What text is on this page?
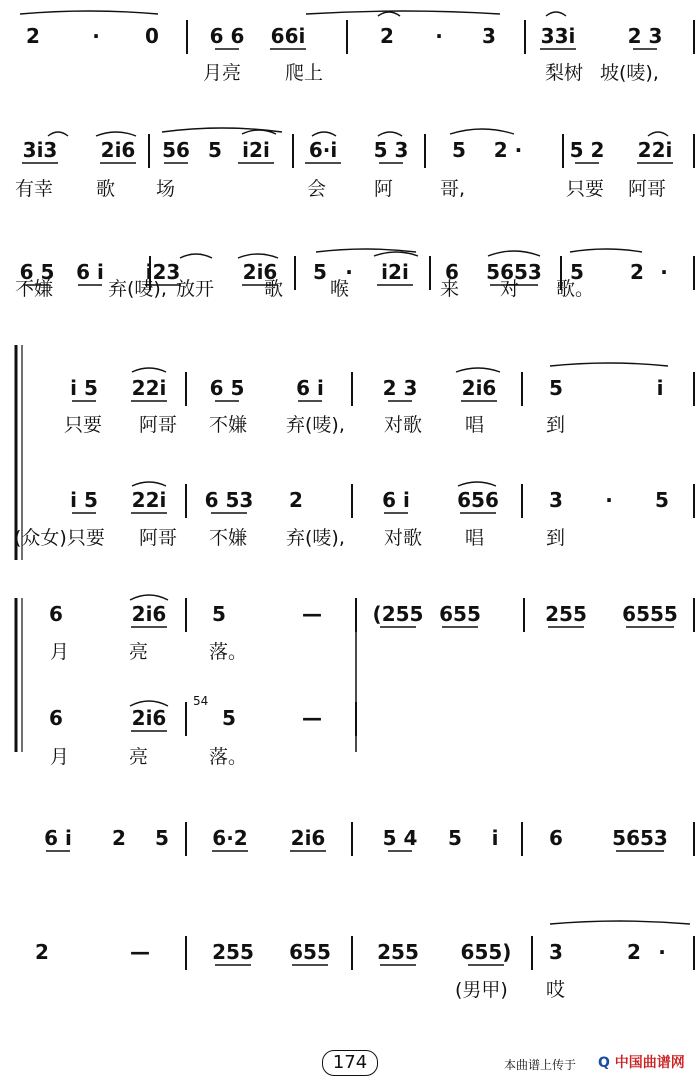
2	· 0	6 6 66i	2 · 3 33i	2 3
月亮 爬上	梨树 坡(唛),
3i3 2i6 56 5 i2i 6·i 5 3 5 2 · 5 2 22i
有幸 歌 场	会	阿 哥,	只要 阿哥
6 5 6 i i23	2i6 5 · i2i 6 5653 5 2 ·
不嫌	弃(唛), 放开	歌 喉	来 对 歌。
i 5 22i 6 5	6 i	2 3 2i6	5	i
只要 阿哥 不嫌 弃(唛), 对歌 唱	到
i 5 22i 6 53 2	6 i 656	3 · 5
(众女)只要 阿哥 不嫌 弃(唛), 对歌 唱	到
6	2i6 5	—	(255 655	255 6555
月	亮	落。
6	2i6	5	—
月	亮	落。
54
6 i 2 5 6·2 2i6	5 4 5 i	6 5653
2	—	255 655 255 655) 3	2 ·
(男甲) 哎
174	本曲谱上传于 Q 中国曲谱网
